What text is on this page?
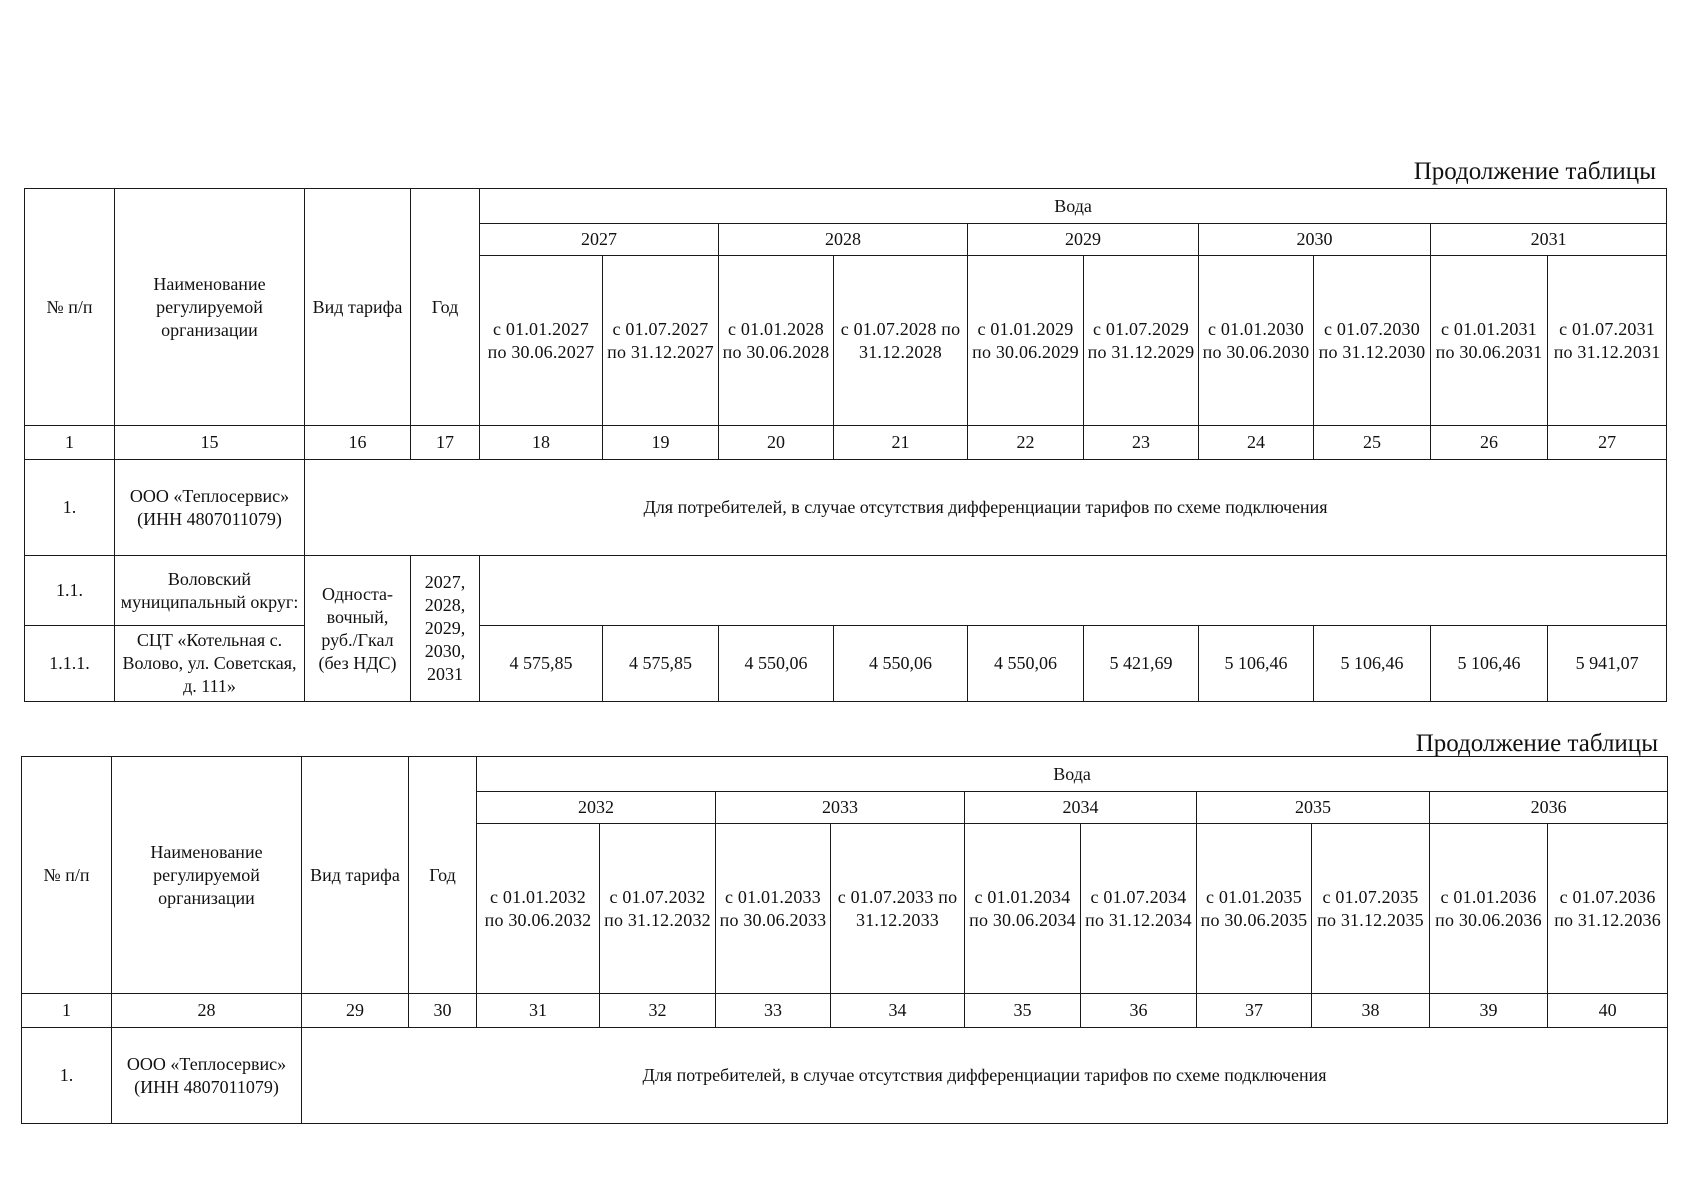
Продолжение таблицы
№ п/п	Наименование регулируемой организации	Вид тарифа	Год	Вода									
				2027		2028		2029		2030		2031	
				с 01.01.2027 по 30.06.2027	с 01.07.2027 по 31.12.2027	с 01.01.2028 по 30.06.2028	с 01.07.2028 по 31.12.2028	с 01.01.2029 по 30.06.2029	с 01.07.2029 по 31.12.2029	с 01.01.2030 по 30.06.2030	с 01.07.2030 по 31.12.2030	с 01.01.2031 по 30.06.2031	с 01.07.2031 по 31.12.2031
1	15	16	17	18	19	20	21	22	23	24	25	26	27
1.	ООО «Теплосервис» (ИНН 4807011079)	Для потребителей, в случае отсутствия дифференциации тарифов по схеме подключения											
1.1.	Воловский муниципальный округ:	Односта-вочный, руб./Гкал (без НДС)	2027, 2028, 2029, 2030, 2031										
1.1.1.	СЦТ «Котельная с. Волово, ул. Советская, д. 111»			4 575,85	4 575,85	4 550,06	4 550,06	4 550,06	5 421,69	5 106,46	5 106,46	5 106,46	5 941,07
Продолжение таблицы
№ п/п	Наименование регулируемой организации	Вид тарифа	Год	Вода									
				2032		2033		2034		2035		2036	
				с 01.01.2032 по 30.06.2032	с 01.07.2032 по 31.12.2032	с 01.01.2033 по 30.06.2033	с 01.07.2033 по 31.12.2033	с 01.01.2034 по 30.06.2034	с 01.07.2034 по 31.12.2034	с 01.01.2035 по 30.06.2035	с 01.07.2035 по 31.12.2035	с 01.01.2036 по 30.06.2036	с 01.07.2036 по 31.12.2036
1	28	29	30	31	32	33	34	35	36	37	38	39	40
1.	ООО «Теплосервис» (ИНН 4807011079)	Для потребителей, в случае отсутствия дифференциации тарифов по схеме подключения											
